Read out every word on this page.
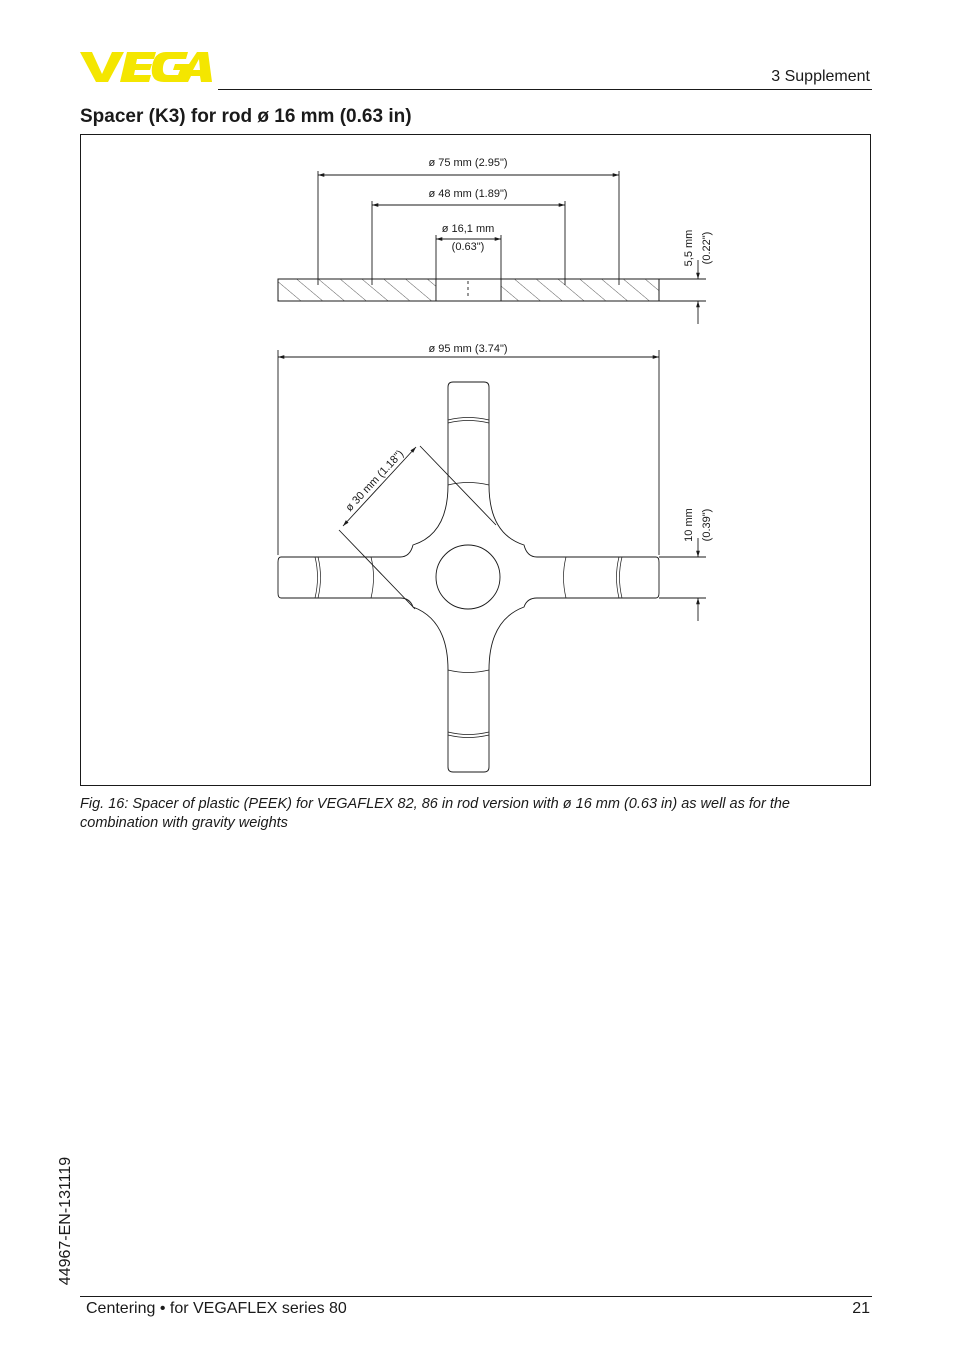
3 Supplement
Spacer (K3) for rod ø 16 mm (0.63 in)
ø 75 mm (2.95")
ø 48 mm (1.89")
ø 16,1 mm
(0.63")	5,5 mm (0.22")
ø 95 mm (3.74")
ø 30 mm (1.18")
10 mm (0.39")
Fig. 16: Spacer of plastic (PEEK) for VEGAFLEX 82, 86 in rod version with ø 16 mm (0.63 in) as well as for the combination with gravity weights
44967-EN-131119
Centering • for VEGAFLEX series 80	21
